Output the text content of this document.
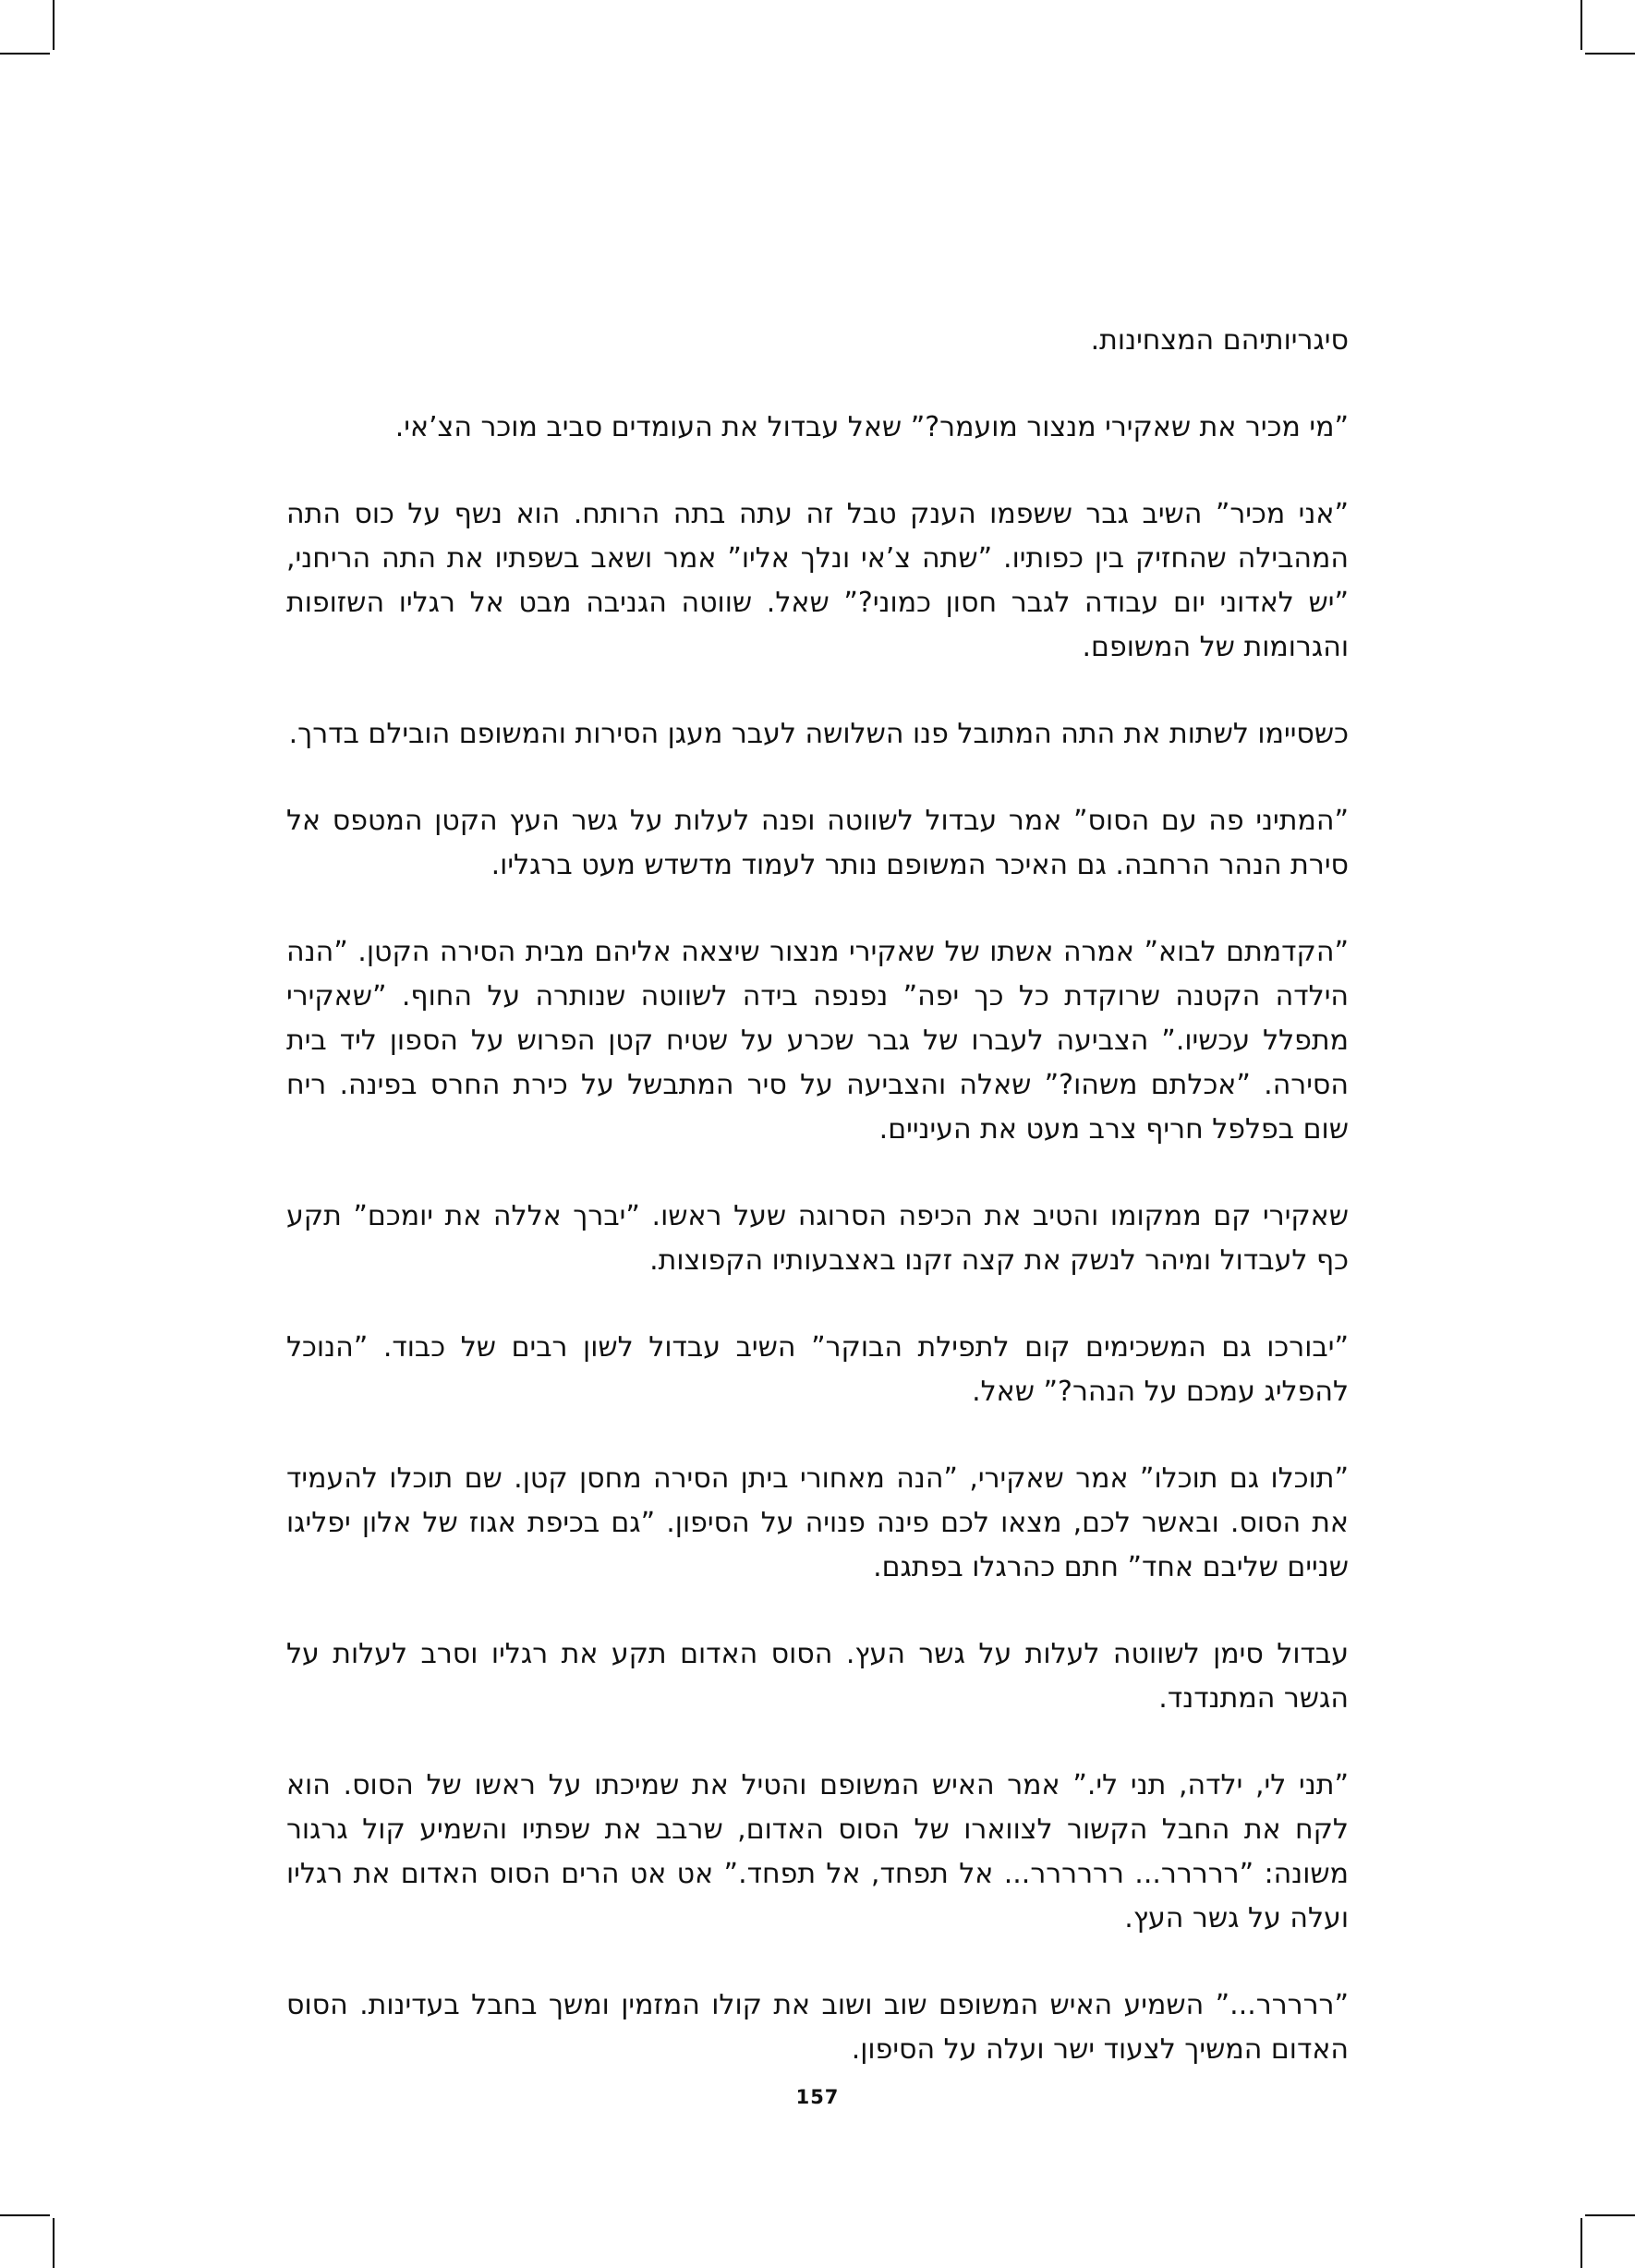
סיגריותיהם המצחינות.

”מי מכיר את שאקירי מנצור מועמר?” שאל עבדול את העומדים סביב מוכר הצ’אי.

”אני מכיר” השיב גבר ששפמו הענק טבל זה עתה בתה הרותח. הוא נשף על כוס התה המהבילה שהחזיק בין כפותיו. ”שתה צ’אי ונלך אליו” אמר ושאב בשפתיו את התה הריחני, ”יש לאדוני יום עבודה לגבר חסון כמוני?” שאל. שווטה הגניבה מבט אל רגליו השזופות והגרומות של המשופם.

כשסיימו לשתות את התה המתובל פנו השלושה לעבר מעגן הסירות והמשופם הובילם בדרך.

”המתיני פה עם הסוס” אמר עבדול לשווטה ופנה לעלות על גשר העץ הקטן המטפס אל סירת הנהר הרחבה. גם האיכר המשופם נותר לעמוד מדשדש מעט ברגליו.

”הקדמתם לבוא” אמרה אשתו של שאקירי מנצור שיצאה אליהם מבית הסירה הקטן. ”הנה הילדה הקטנה שרוקדת כל כך יפה” נפנפה בידה לשווטה שנותרה על החוף. ”שאקירי מתפלל עכשיו.” הצביעה לעברו של גבר שכרע על שטיח קטן הפרוש על הספון ליד בית הסירה. ”אכלתם משהו?” שאלה והצביעה על סיר המתבשל על כירת החרס בפינה. ריח שום בפלפל חריף צרב מעט את העיניים.

שאקירי קם ממקומו והטיב את הכיפה הסרוגה שעל ראשו. ”יברך אללה את יומכם” תקע כף לעבדול ומיהר לנשק את קצה זקנו באצבעותיו הקפוצות.

”יבורכו גם המשכימים קום לתפילת הבוקר” השיב עבדול לשון רבים של כבוד. ”הנוכל להפליג עמכם על הנהר?” שאל.

”תוכלו גם תוכלו” אמר שאקירי, ”הנה מאחורי ביתן הסירה מחסן קטן. שם תוכלו להעמיד את הסוס. ובאשר לכם, מצאו לכם פינה פנויה על הסיפון. ”גם בכיפת אגוז של אלון יפליגו שניים שליבם אחד” חתם כהרגלו בפתגם.

עבדול סימן לשווטה לעלות על גשר העץ. הסוס האדום תקע את רגליו וסרב לעלות על הגשר המתנדנד.

”תני לי, ילדה, תני לי.” אמר האיש המשופם והטיל את שמיכתו על ראשו של הסוס. הוא לקח את החבל הקשור לצווארו של הסוס האדום, שרבב את שפתיו והשמיע קול גרגור משונה: ”ררררר... רררררר... אל תפחד, אל תפחד.” אט אט הרים הסוס האדום את רגליו ועלה על גשר העץ.

”ררררר...” השמיע האיש המשופם שוב ושוב את קולו המזמין ומשך בחבל בעדינות. הסוס האדום המשיך לצעוד ישר ועלה על הסיפון.

157
